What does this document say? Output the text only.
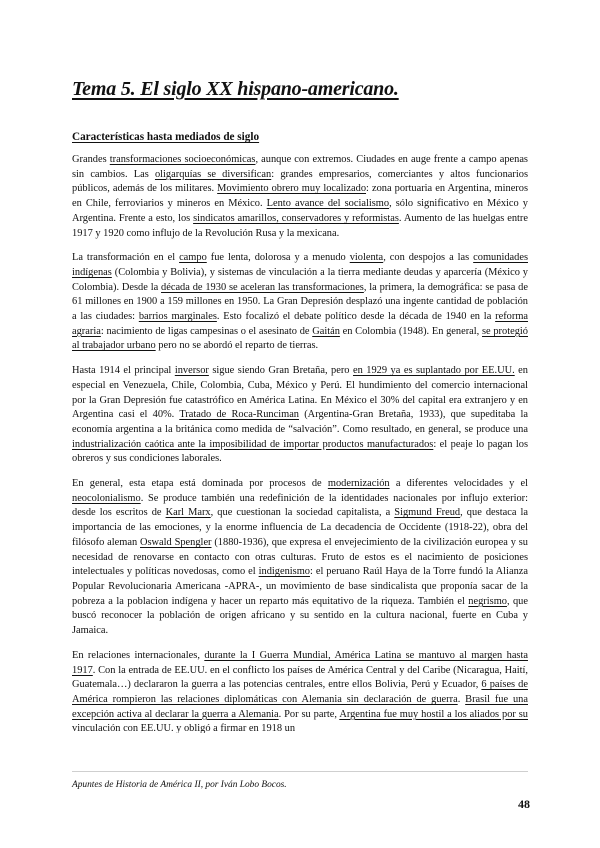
Tema 5. El siglo XX hispano-americano.
Características hasta mediados de siglo

Grandes transformaciones socioeconómicas, aunque con extremos. Ciudades en auge frente a campo apenas sin cambios. Las oligarquías se diversifican: grandes empresarios, comerciantes y altos funcionarios públicos, además de los militares. Movimiento obrero muy localizado: zona portuaria en Argentina, mineros en Chile, ferroviarios y mineros en México. Lento avance del socialismo, sólo significativo en México y Argentina. Frente a esto, los sindicatos amarillos, conservadores y reformistas. Aumento de las huelgas entre 1917 y 1920 como influjo de la Revolución Rusa y la mexicana.

La transformación en el campo fue lenta, dolorosa y a menudo violenta, con despojos a las comunidades indígenas (Colombia y Bolivia), y sistemas de vinculación a la tierra mediante deudas y aparcería (México y Colombia). Desde la década de 1930 se aceleran las transformaciones, la primera, la demográfica: se pasa de 61 millones en 1900 a 159 millones en 1950. La Gran Depresión desplazó una ingente cantidad de población a las ciudades: barrios marginales. Esto focalizó el debate político desde la década de 1940 en la reforma agraria: nacimiento de ligas campesinas o el asesinato de Gaitán en Colombia (1948). En general, se protegió al trabajador urbano pero no se abordó el reparto de tierras.

Hasta 1914 el principal inversor sigue siendo Gran Bretaña, pero en 1929 ya es suplantado por EE.UU. en especial en Venezuela, Chile, Colombia, Cuba, México y Perú. El hundimiento del comercio internacional por la Gran Depresión fue catastrófico en América Latina. En México el 30% del capital era extranjero y en Argentina casi el 40%. Tratado de Roca-Runciman (Argentina-Gran Bretaña, 1933), que supeditaba la economía argentina a la británica como medida de “salvación”. Como resultado, en general, se produce una industrialización caótica ante la imposibilidad de importar productos manufacturados: el peaje lo pagan los obreros y sus condiciones laborales.

En general, esta etapa está dominada por procesos de modernización a diferentes velocidades y el neocolonialismo. Se produce también una redefinición de la identidades nacionales por influjo exterior: desde los escritos de Karl Marx, que cuestionan la sociedad capitalista, a Sigmund Freud, que destaca la importancia de las emociones, y la enorme influencia de La decadencia de Occidente (1918-22), obra del filósofo aleman Oswald Spengler (1880-1936), que expresa el envejecimiento de la civilización europea y su necesidad de renovarse en contacto con otras culturas. Fruto de estos es el nacimiento de posiciones intelectuales y políticas novedosas, como el indigenismo: el peruano Raúl Haya de la Torre fundó la Alianza Popular Revolucionaria Americana -APRA-, un movimiento de base sindicalista que proponía sacar de la pobreza a la poblacion indígena y hacer un reparto más equitativo de la riqueza. También el negrismo, que buscó reconocer la población de origen africano y su sentido en la cultura nacional, fuerte en Cuba y Jamaica.

En relaciones internacionales, durante la I Guerra Mundial, América Latina se mantuvo al margen hasta 1917. Con la entrada de EE.UU. en el conflicto los países de América Central y del Caribe (Nicaragua, Haití, Guatemala…) declararon la guerra a las potencias centrales, entre ellos Bolivia, Perú y Ecuador, 6 países de América rompieron las relaciones diplomáticas con Alemania sin declaración de guerra. Brasil fue una excepción activa al declarar la guerra a Alemania. Por su parte, Argentina fue muy hostil a los aliados por su vinculación con EE.UU. y obligó a firmar en 1918 un

Apuntes de Historia de América II, por Iván Lobo Bocos.
48
